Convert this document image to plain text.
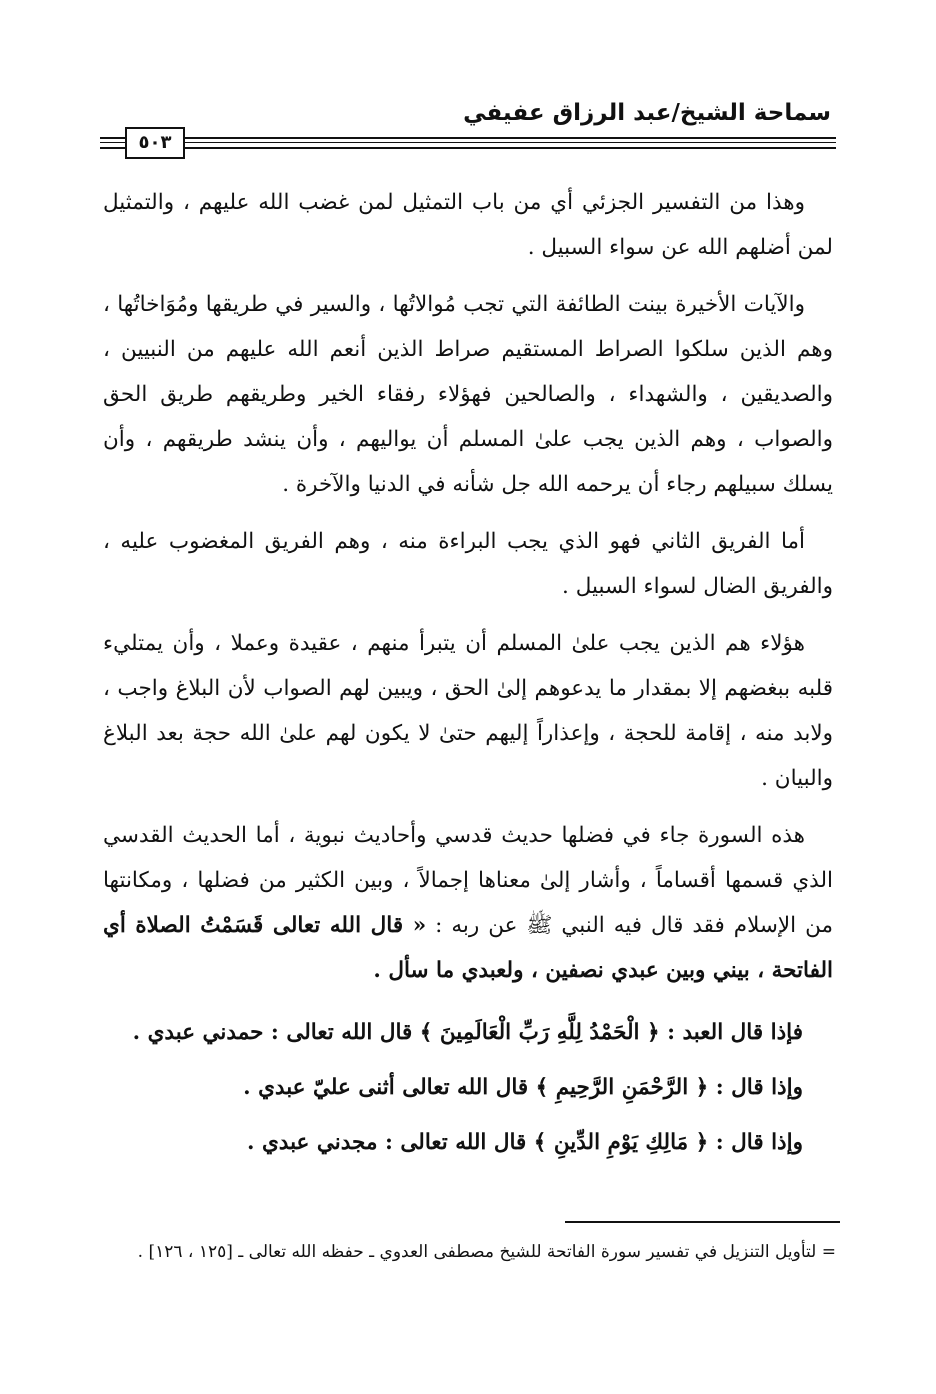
سماحة الشيخ/عبد الرزاق عفيفي
٥٠٣

وهذا من التفسير الجزئي أي من باب التمثيل لمن غضب الله عليهم ، والتمثيل لمن أضلهم الله عن سواء السبيل .

والآيات الأخيرة بينت الطائفة التي تجب مُوالاتُها ، والسير في طريقها ومُوَاخاتُها ، وهم الذين سلكوا الصراط المستقيم صراط الذين أنعم الله عليهم من النبيين ، والصديقين ، والشهداء ، والصالحين فهؤلاء رفقاء الخير وطريقهم طريق الحق والصواب ، وهم الذين يجب علىٰ المسلم أن يواليهم ، وأن ينشد طريقهم ، وأن يسلك سبيلهم رجاء أن يرحمه الله جل شأنه في الدنيا والآخرة .

أما الفريق الثاني فهو الذي يجب البراءة منه ، وهم الفريق المغضوب عليه ، والفريق الضال لسواء السبيل .

هؤلاء هم الذين يجب علىٰ المسلم أن يتبرأ منهم ، عقيدة وعملا ، وأن يمتليء قلبه ببغضهم إلا بمقدار ما يدعوهم إلىٰ الحق ، ويبين لهم الصواب لأن البلاغ واجب ، ولابد منه ، إقامة للحجة ، وإعذاراً إليهم حتىٰ لا يكون لهم علىٰ الله حجة بعد البلاغ والبيان .

هذه السورة جاء في فضلها حديث قدسي وأحاديث نبوية ، أما الحديث القدسي الذي قسمها أقساماً ، وأشار إلىٰ معناها إجمالاً ، وبين الكثير من فضلها ، ومكانتها من الإسلام فقد قال فيه النبي ﷺ عن ربه : « قال الله تعالى قَسَمْتُ الصلاة أي الفاتحة ، بيني وبين عبدي نصفين ، ولعبدي ما سأل .

فإذا قال العبد : ﴿ الْحَمْدُ لِلَّهِ رَبِّ الْعَالَمِينَ ﴾ قال الله تعالى : حمدني عبدي .
وإذا قال : ﴿ الرَّحْمَنِ الرَّحِيمِ ﴾ قال الله تعالى أثنى عليّ عبدي .
وإذا قال : ﴿ مَالِكِ يَوْمِ الدِّينِ ﴾ قال الله تعالى : مجدني عبدي .

= لتأويل التنزيل في تفسير سورة الفاتحة للشيخ مصطفى العدوي ـ حفظه الله تعالى ـ [١٢٥ ، ١٢٦] .
